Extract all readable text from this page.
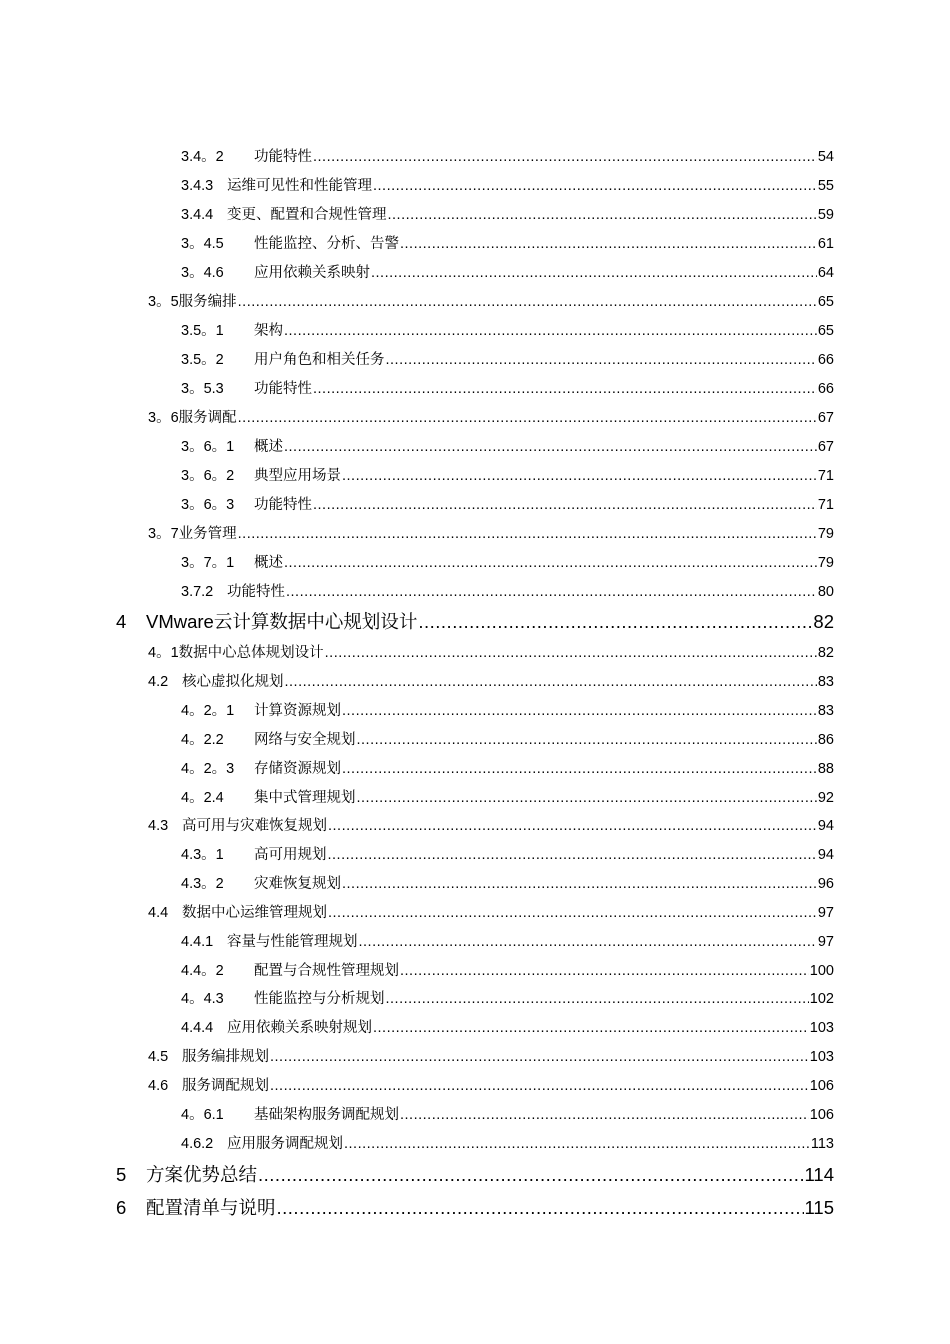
3.4。2	功能特性 .....	54
3.4.3 运维可见性和性能管理 .....	55
3.4.4 变更、配置和合规性管理 .....	59
3。4.5	性能监控、分析、告警 .....	61
3。4.6	应用依赖关系映射 .....	64
3。5 服务编排 .....	65
3.5。1	架构 .....	65
3.5。2	用户角色和相关任务 .....	66
3。5.3	功能特性 .....	66
3。6 服务调配 .....	67
3。6。1	概述 .....	67
3。6。2	典型应用场景 .....	71
3。6。3	功能特性 .....	71
3。7 业务管理 .....	79
3。7。1	概述 .....	79
3.7.2 功能特性 .....	80
4	VMware云计算数据中心规划设计 .....	82
4。1 数据中心总体规划设计 .....	82
4.2 核心虚拟化规划 .....	83
4。2。1	计算资源规划 .....	83
4。2.2	网络与安全规划 .....	86
4。2。3	存储资源规划 .....	88
4。2.4	集中式管理规划 .....	92
4.3 高可用与灾难恢复规划 .....	94
4.3。1	高可用规划 .....	94
4.3。2	灾难恢复规划 .....	96
4.4 数据中心运维管理规划 .....	97
4.4.1 容量与性能管理规划 .....	97
4.4。2	配置与合规性管理规划 .....	100
4。4.3	性能监控与分析规划 .....	102
4.4.4 应用依赖关系映射规划 .....	103
4.5 服务编排规划 .....	103
4.6 服务调配规划 .....	106
4。6.1	基础架构服务调配规划 .....	106
4.6.2 应用服务调配规划 .....	113
5	方案优势总结 .....	114
6	配置清单与说明 .....	115
